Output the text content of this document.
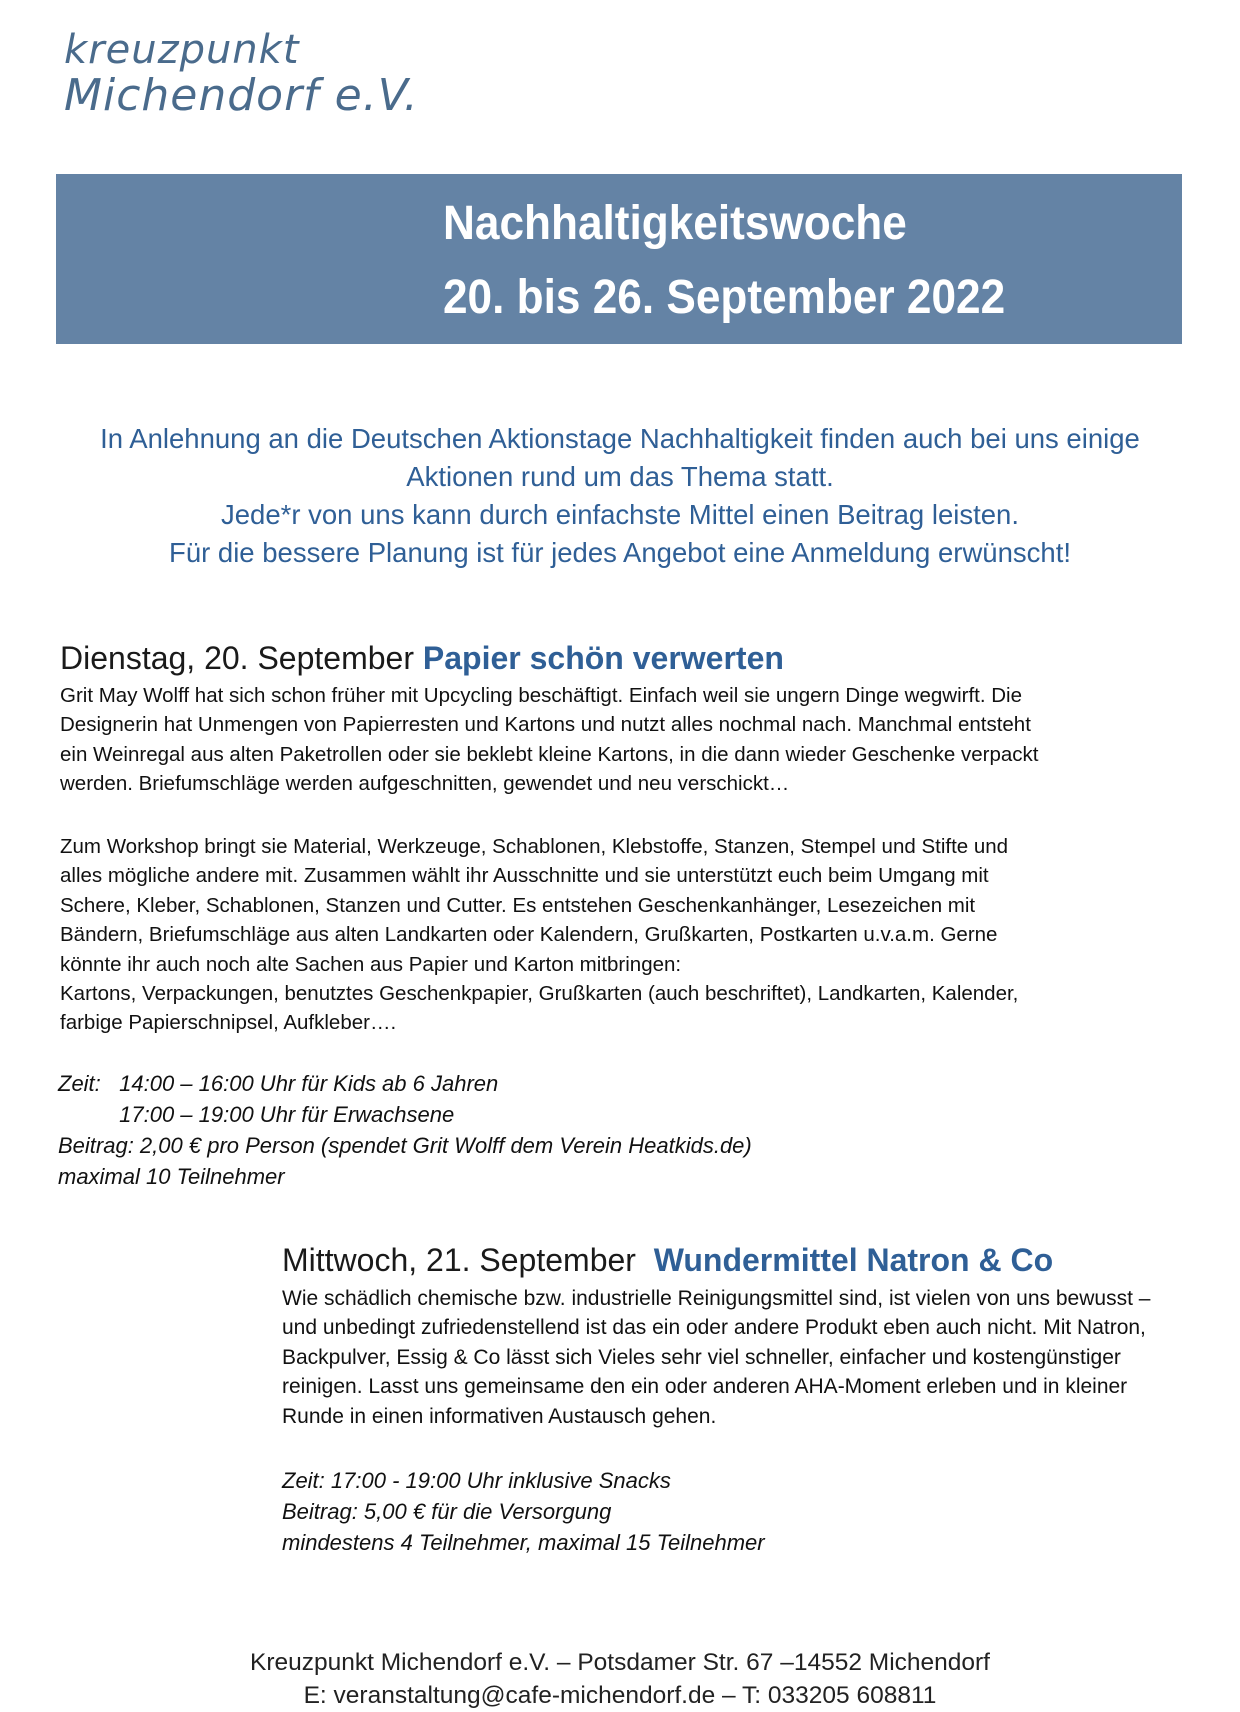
kreuzpunkt
Michendorf e.V.
Nachhaltigkeitswoche
20. bis 26. September 2022
In Anlehnung an die Deutschen Aktionstage Nachhaltigkeit finden auch bei uns einige
Aktionen rund um das Thema statt.
Jede*r von uns kann durch einfachste Mittel einen Beitrag leisten.
Für die bessere Planung ist für jedes Angebot eine Anmeldung erwünscht!
Dienstag, 20. September Papier schön verwerten
Grit May Wolff hat sich schon früher mit Upcycling beschäftigt. Einfach weil sie ungern Dinge wegwirft. Die
Designerin hat Unmengen von Papierresten und Kartons und nutzt alles nochmal nach. Manchmal entsteht
ein Weinregal aus alten Paketrollen oder sie beklebt kleine Kartons, in die dann wieder Geschenke verpackt
werden. Briefumschläge werden aufgeschnitten, gewendet und neu verschickt…
Zum Workshop bringt sie Material, Werkzeuge, Schablonen, Klebstoffe, Stanzen, Stempel und Stifte und
alles mögliche andere mit. Zusammen wählt ihr Ausschnitte und sie unterstützt euch beim Umgang mit
Schere, Kleber, Schablonen, Stanzen und Cutter. Es entstehen Geschenkanhänger, Lesezeichen mit
Bändern, Briefumschläge aus alten Landkarten oder Kalendern, Grußkarten, Postkarten u.v.a.m. Gerne
könnte ihr auch noch alte Sachen aus Papier und Karton mitbringen:
Kartons, Verpackungen, benutztes Geschenkpapier, Grußkarten (auch beschriftet), Landkarten, Kalender,
farbige Papierschnipsel, Aufkleber….
Zeit:   14:00 – 16:00 Uhr für Kids ab 6 Jahren
17:00 – 19:00 Uhr für Erwachsene
Beitrag: 2,00 € pro Person (spendet Grit Wolff dem Verein Heatkids.de)
maximal 10 Teilnehmer
Mittwoch, 21. September  Wundermittel Natron & Co
Wie schädlich chemische bzw. industrielle Reinigungsmittel sind, ist vielen von uns bewusst –
und unbedingt zufriedenstellend ist das ein oder andere Produkt eben auch nicht. Mit Natron,
Backpulver, Essig & Co lässt sich Vieles sehr viel schneller, einfacher und kostengünstiger
reinigen. Lasst uns gemeinsame den ein oder anderen AHA-Moment erleben und in kleiner
Runde in einen informativen Austausch gehen.
Zeit: 17:00 - 19:00 Uhr inklusive Snacks
Beitrag: 5,00 € für die Versorgung
mindestens 4 Teilnehmer, maximal 15 Teilnehmer
Kreuzpunkt Michendorf e.V. – Potsdamer Str. 67 –14552 Michendorf
E: veranstaltung@cafe-michendorf.de – T: 033205 608811
